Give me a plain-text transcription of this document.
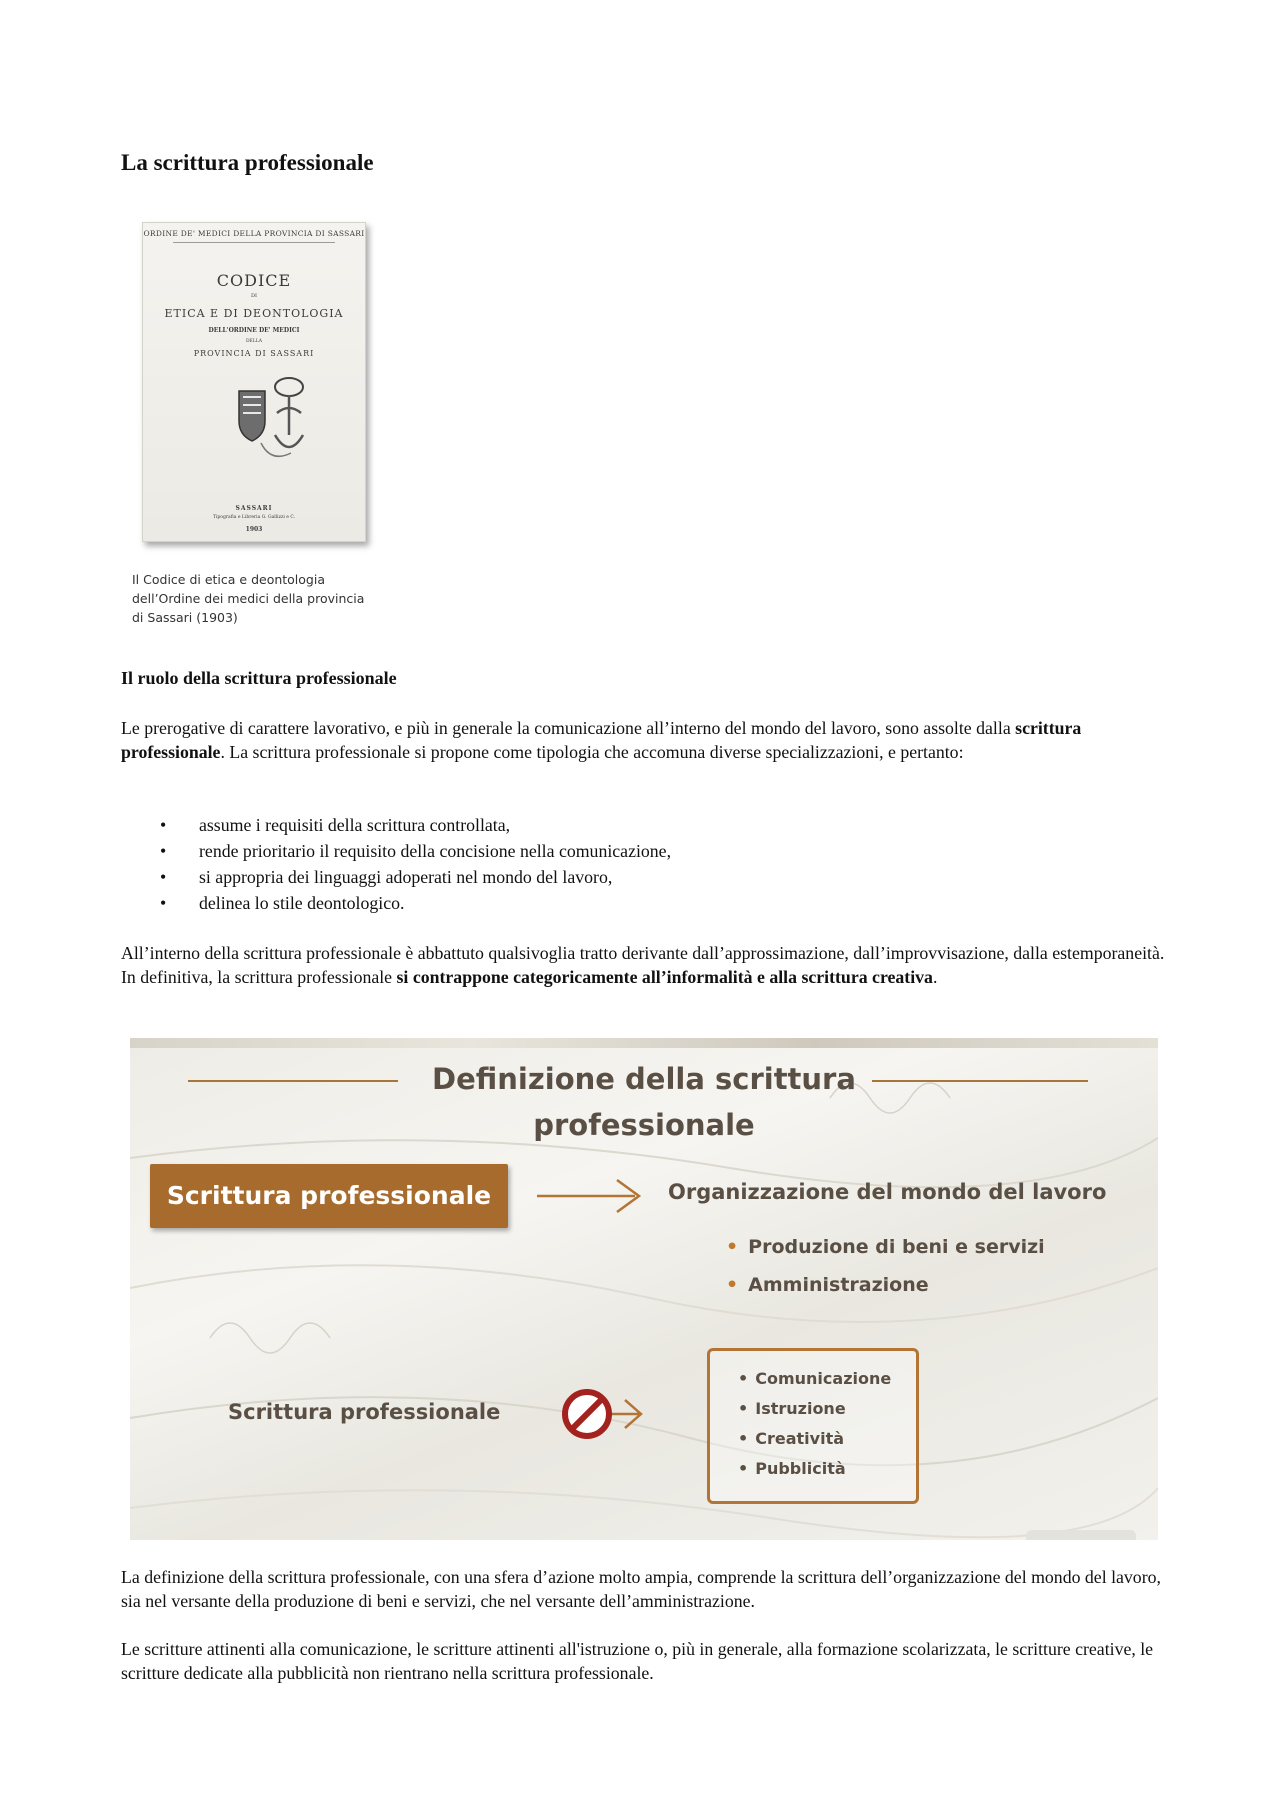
La scrittura professionale
ORDINE DE' MEDICI DELLA PROVINCIA DI SASSARI
CODICE
DI
ETICA E DI DEONTOLOGIA
DELL'ORDINE DE' MEDICI
DELLA
PROVINCIA DI SASSARI
SASSARI
Tipografia e Libreria G. Gallizzi e C.
1903
Il Codice di etica e deontologia
dell’Ordine dei medici della provincia
di Sassari (1903)
Il ruolo della scrittura professionale

Le prerogative di carattere lavorativo, e più in generale la comunicazione all’interno del mondo del lavoro, sono assolte dalla scrittura professionale. La scrittura professionale si propone come tipologia che accomuna diverse specializzazioni, e pertanto:

• assume i requisiti della scrittura controllata,
• rende prioritario il requisito della concisione nella comunicazione,
• si appropria dei linguaggi adoperati nel mondo del lavoro,
• delinea lo stile deontologico.

All’interno della scrittura professionale è abbattuto qualsivoglia tratto derivante dall’approssimazione, dall’improvvisazione, dalla estemporaneità. In definitiva, la scrittura professionale si contrappone categoricamente all’informalità e alla scrittura creativa.

Definizione della scrittura
professionale
Scrittura professionale	Organizzazione del mondo del lavoro
• Produzione di beni e servizi
• Amministrazione
Scrittura professionale
• Comunicazione
• Istruzione
• Creatività
• Pubblicità

La definizione della scrittura professionale, con una sfera d’azione molto ampia, comprende la scrittura dell’organizzazione del mondo del lavoro, sia nel versante della produzione di beni e servizi, che nel versante dell’amministrazione.

Le scritture attinenti alla comunicazione, le scritture attinenti all'istruzione o, più in generale, alla formazione scolarizzata, le scritture creative, le scritture dedicate alla pubblicità non rientrano nella scrittura professionale.
